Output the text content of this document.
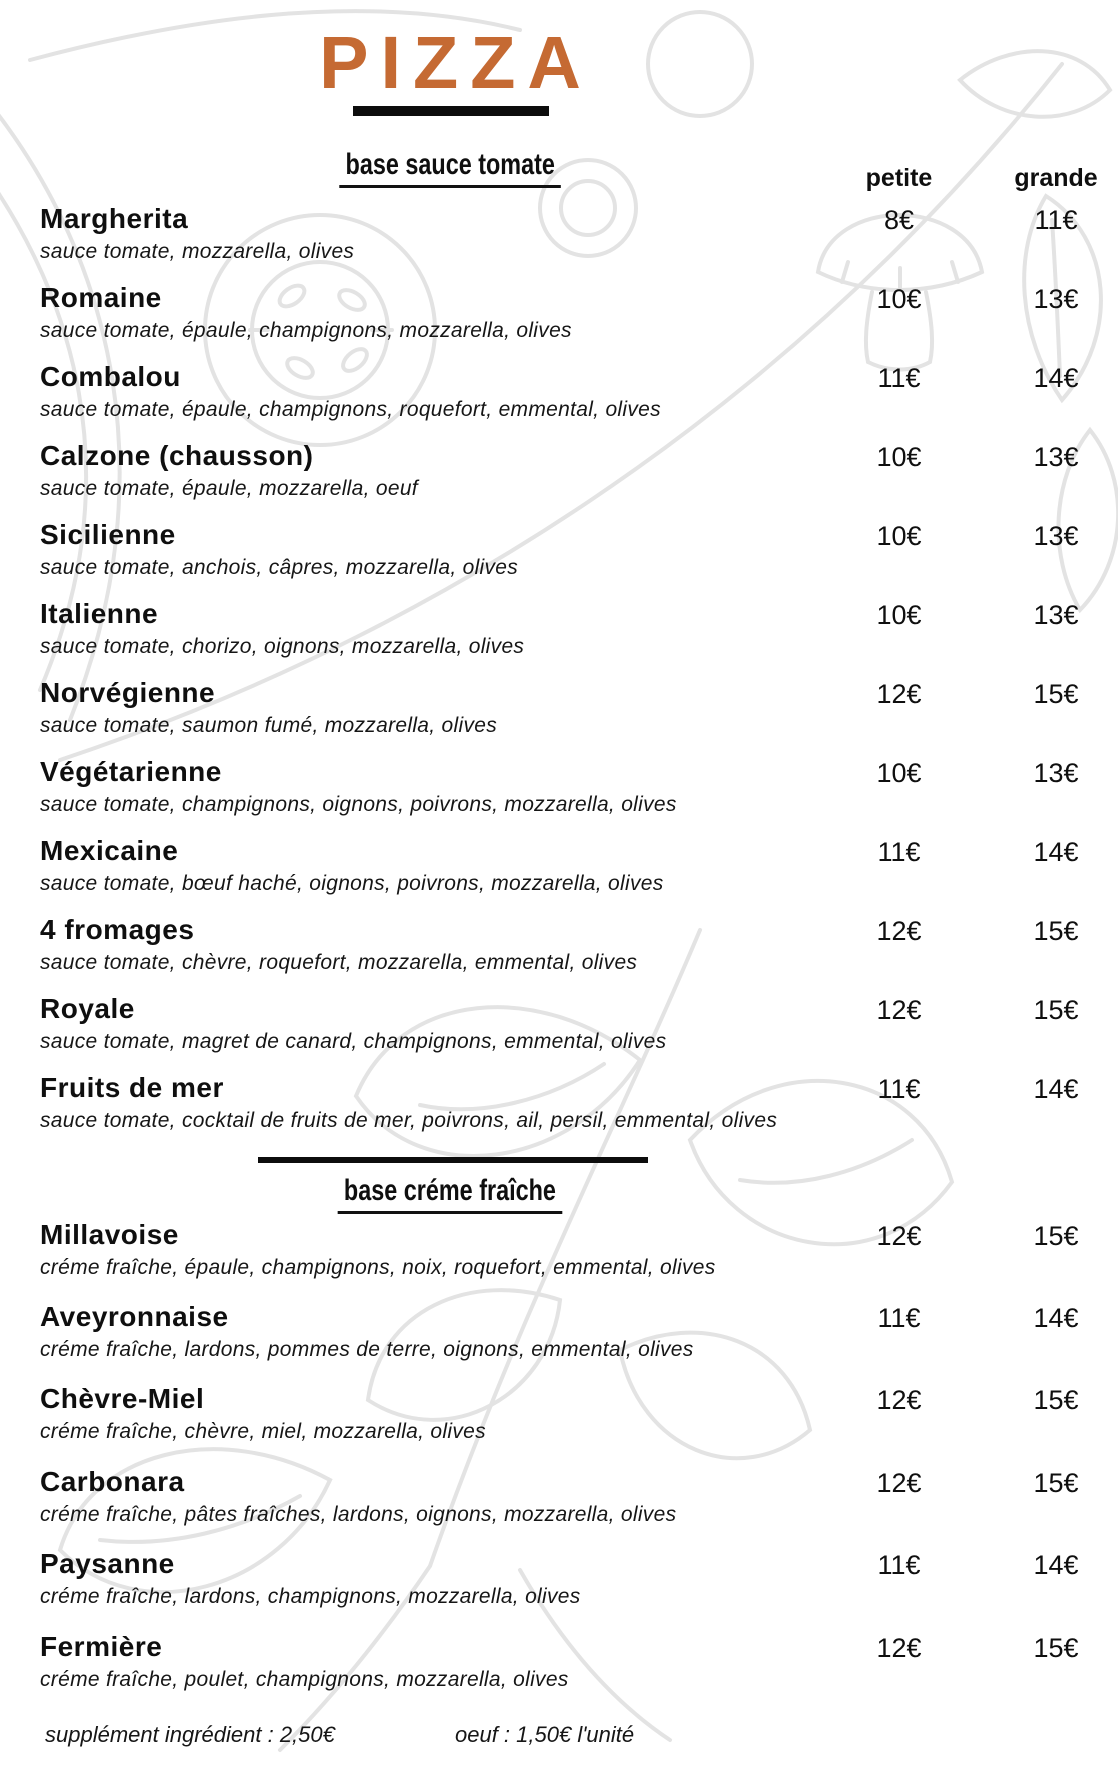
PIZZA
base sauce tomate	petite	grande
base créme fraîche
supplément ingrédient : 2,50€	oeuf : 1,50€ l'unité
Margherita	8€	11€

sauce tomate, mozzarella, olives

Romaine	10€	13€

sauce tomate, épaule, champignons, mozzarella, olives

Combalou	11€	14€

sauce tomate, épaule, champignons, roquefort, emmental, olives

Calzone (chausson)	10€	13€

sauce tomate, épaule, mozzarella, oeuf

Sicilienne	10€	13€

sauce tomate, anchois, câpres, mozzarella, olives

Italienne	10€	13€

sauce tomate, chorizo, oignons, mozzarella, olives

Norvégienne	12€	15€

sauce tomate, saumon fumé, mozzarella, olives

Végétarienne	10€	13€

sauce tomate, champignons, oignons, poivrons, mozzarella, olives

Mexicaine	11€	14€

sauce tomate, bœuf haché, oignons, poivrons, mozzarella, olives

4 fromages	12€	15€

sauce tomate, chèvre, roquefort, mozzarella, emmental, olives

Royale	12€	15€

sauce tomate, magret de canard, champignons, emmental, olives

Fruits de mer	11€	14€

sauce tomate, cocktail de fruits de mer, poivrons, ail, persil, emmental, olives

Millavoise	12€	15€

créme fraîche, épaule, champignons, noix, roquefort, emmental, olives

Aveyronnaise	11€	14€

créme fraîche, lardons, pommes de terre, oignons, emmental, olives

Chèvre-Miel	12€	15€

créme fraîche, chèvre, miel, mozzarella, olives

Carbonara	12€	15€

créme fraîche, pâtes fraîches, lardons, oignons, mozzarella, olives

Paysanne	11€	14€

créme fraîche, lardons, champignons, mozzarella, olives

Fermière	12€	15€

créme fraîche, poulet, champignons, mozzarella, olives
